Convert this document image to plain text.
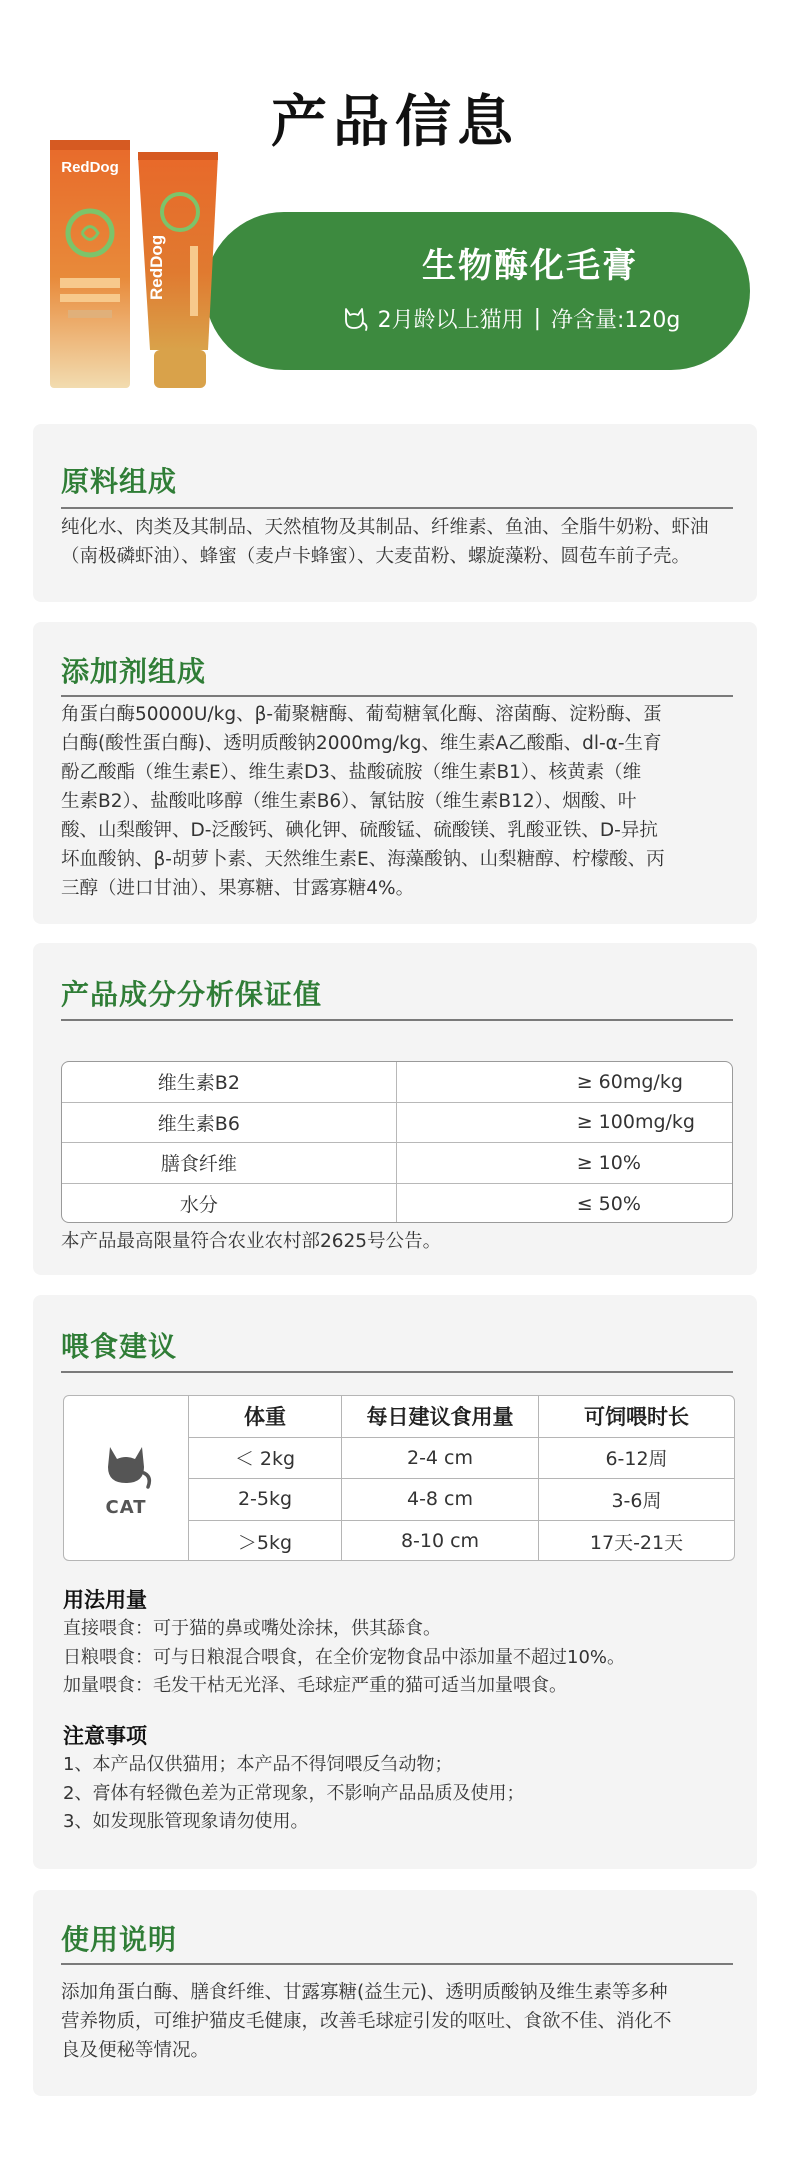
产品信息
生物酶化毛膏
2月龄以上猫用 | 净含量:120g
RedDog
RedDog
原料组成

纯化水、肉类及其制品、天然植物及其制品、纤维素、鱼油、全脂牛奶粉、虾油

（南极磷虾油）、蜂蜜（麦卢卡蜂蜜）、大麦苗粉、螺旋藻粉、圆苞车前子壳。

添加剂组成

角蛋白酶50000U/kg、β-葡聚糖酶、葡萄糖氧化酶、溶菌酶、淀粉酶、蛋

白酶(酸性蛋白酶)、透明质酸钠2000mg/kg、维生素A乙酸酯、dl-α-生育

酚乙酸酯（维生素E）、维生素D3、盐酸硫胺（维生素B1）、核黄素（维

生素B2）、盐酸吡哆醇（维生素B6）、氰钴胺（维生素B12）、烟酸、叶

酸、山梨酸钾、D-泛酸钙、碘化钾、硫酸锰、硫酸镁、乳酸亚铁、D-异抗

坏血酸钠、β-胡萝卜素、天然维生素E、海藻酸钠、山梨糖醇、柠檬酸、丙

三醇（进口甘油）、果寡糖、甘露寡糖4%。

产品成分分析保证值
维生素B2	≥ 60mg/kg
维生素B6	≥ 100mg/kg
膳食纤维	≥ 10%
水分	≤ 50%
本产品最高限量符合农业农村部2625号公告。
喂食建议
CAT
体重	每日建议食用量	可饲喂时长
＜ 2kg	2-4 cm	6-12周
2-5kg	4-8 cm	3-6周
＞5kg	8-10 cm	17天-21天
用法用量

直接喂食：可于猫的鼻或嘴处涂抹，供其舔食。

日粮喂食：可与日粮混合喂食，在全价宠物食品中添加量不超过10%。

加量喂食：毛发干枯无光泽、毛球症严重的猫可适当加量喂食。

注意事项

1、本产品仅供猫用；本产品不得饲喂反刍动物；

2、膏体有轻微色差为正常现象，不影响产品品质及使用；

3、如发现胀管现象请勿使用。

使用说明

添加角蛋白酶、膳食纤维、甘露寡糖(益生元)、透明质酸钠及维生素等多种

营养物质，可维护猫皮毛健康，改善毛球症引发的呕吐、食欲不佳、消化不

良及便秘等情况。
